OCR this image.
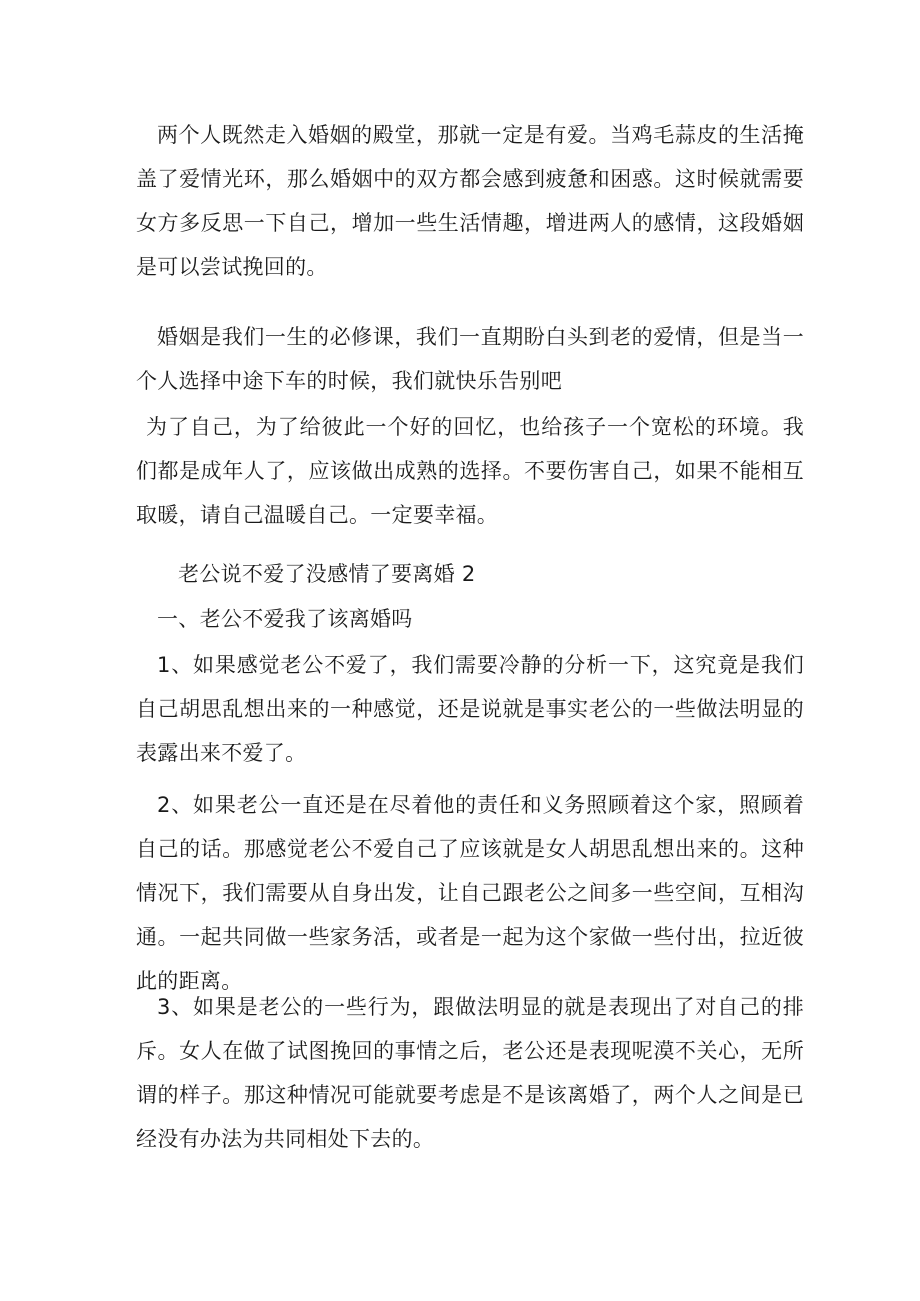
两个人既然走入婚姻的殿堂，那就一定是有爱。当鸡毛蒜皮的生活掩盖了爱情光环，那么婚姻中的双方都会感到疲惫和困惑。这时候就需要女方多反思一下自己，增加一些生活情趣，增进两人的感情，这段婚姻是可以尝试挽回的。

婚姻是我们一生的必修课，我们一直期盼白头到老的爱情，但是当一个人选择中途下车的时候，我们就快乐告别吧

为了自己，为了给彼此一个好的回忆，也给孩子一个宽松的环境。我们都是成年人了，应该做出成熟的选择。不要伤害自己，如果不能相互取暖，请自己温暖自己。一定要幸福。

老公说不爱了没感情了要离婚 2

一、老公不爱我了该离婚吗

1、如果感觉老公不爱了，我们需要冷静的分析一下，这究竟是我们自己胡思乱想出来的一种感觉，还是说就是事实老公的一些做法明显的表露出来不爱了。

2、如果老公一直还是在尽着他的责任和义务照顾着这个家，照顾着自己的话。那感觉老公不爱自己了应该就是女人胡思乱想出来的。这种情况下，我们需要从自身出发，让自己跟老公之间多一些空间，互相沟通。一起共同做一些家务活，或者是一起为这个家做一些付出，拉近彼此的距离。

3、如果是老公的一些行为，跟做法明显的就是表现出了对自己的排斥。女人在做了试图挽回的事情之后，老公还是表现呢漠不关心，无所谓的样子。那这种情况可能就要考虑是不是该离婚了，两个人之间是已经没有办法为共同相处下去的。
